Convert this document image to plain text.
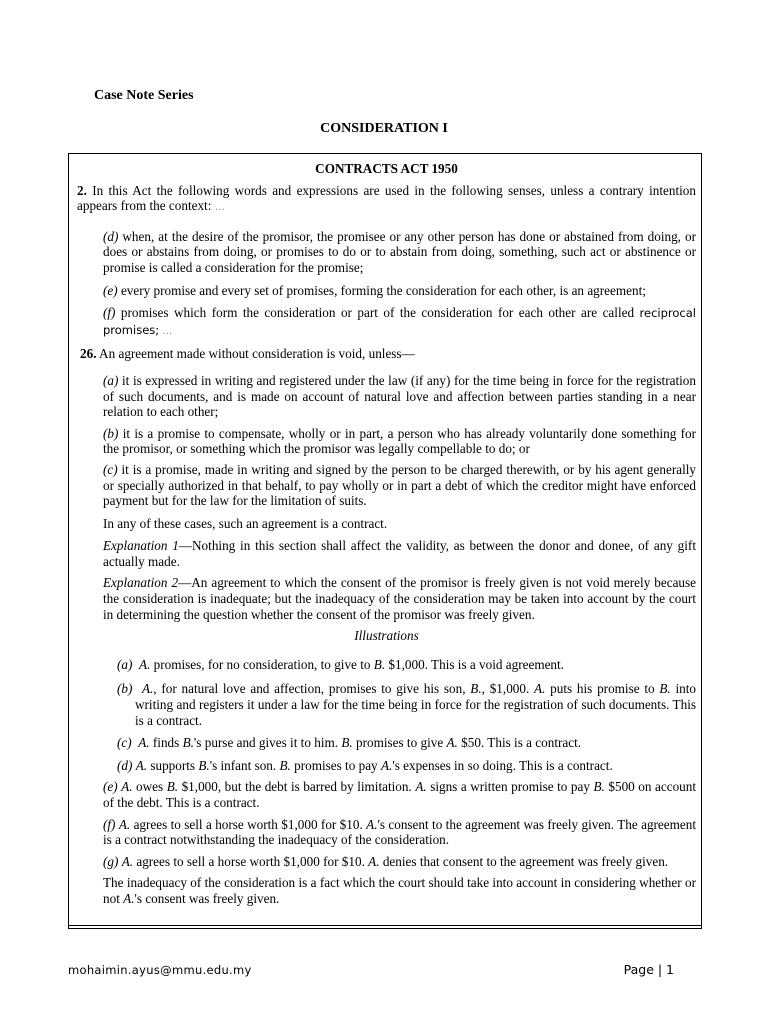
Case Note Series
CONSIDERATION I

CONTRACTS ACT 1950

2. In this Act the following words and expressions are used in the following senses, unless a contrary intention appears from the context: …

(d) when, at the desire of the promisor, the promisee or any other person has done or abstained from doing, or does or abstains from doing, or promises to do or to abstain from doing, something, such act or abstinence or promise is called a consideration for the promise;

(e) every promise and every set of promises, forming the consideration for each other, is an agreement;

(f) promises which form the consideration or part of the consideration for each other are called reciprocal promises; …

26. An agreement made without consideration is void, unless—

(a) it is expressed in writing and registered under the law (if any) for the time being in force for the registration of such documents, and is made on account of natural love and affection between parties standing in a near relation to each other;

(b) it is a promise to compensate, wholly or in part, a person who has already voluntarily done something for the promisor, or something which the promisor was legally compellable to do; or

(c) it is a promise, made in writing and signed by the person to be charged therewith, or by his agent generally or specially authorized in that behalf, to pay wholly or in part a debt of which the creditor might have enforced payment but for the law for the limitation of suits.

In any of these cases, such an agreement is a contract.

Explanation 1—Nothing in this section shall affect the validity, as between the donor and donee, of any gift actually made.

Explanation 2—An agreement to which the consent of the promisor is freely given is not void merely because the consideration is inadequate; but the inadequacy of the consideration may be taken into account by the court in determining the question whether the consent of the promisor was freely given.

Illustrations

(a) A. promises, for no consideration, to give to B. $1,000. This is a void agreement.

(b) A., for natural love and affection, promises to give his son, B., $1,000. A. puts his promise to B. into writing and registers it under a law for the time being in force for the registration of such documents. This is a contract.

(c) A. finds B.'s purse and gives it to him. B. promises to give A. $50. This is a contract.

(d) A. supports B.'s infant son. B. promises to pay A.'s expenses in so doing. This is a contract.

(e) A. owes B. $1,000, but the debt is barred by limitation. A. signs a written promise to pay B. $500 on account of the debt. This is a contract.

(f) A. agrees to sell a horse worth $1,000 for $10. A.'s consent to the agreement was freely given. The agreement is a contract notwithstanding the inadequacy of the consideration.

(g) A. agrees to sell a horse worth $1,000 for $10. A. denies that consent to the agreement was freely given.

The inadequacy of the consideration is a fact which the court should take into account in considering whether or not A.'s consent was freely given.

mohaimin.ayus@mmu.edu.my	Page | 1
